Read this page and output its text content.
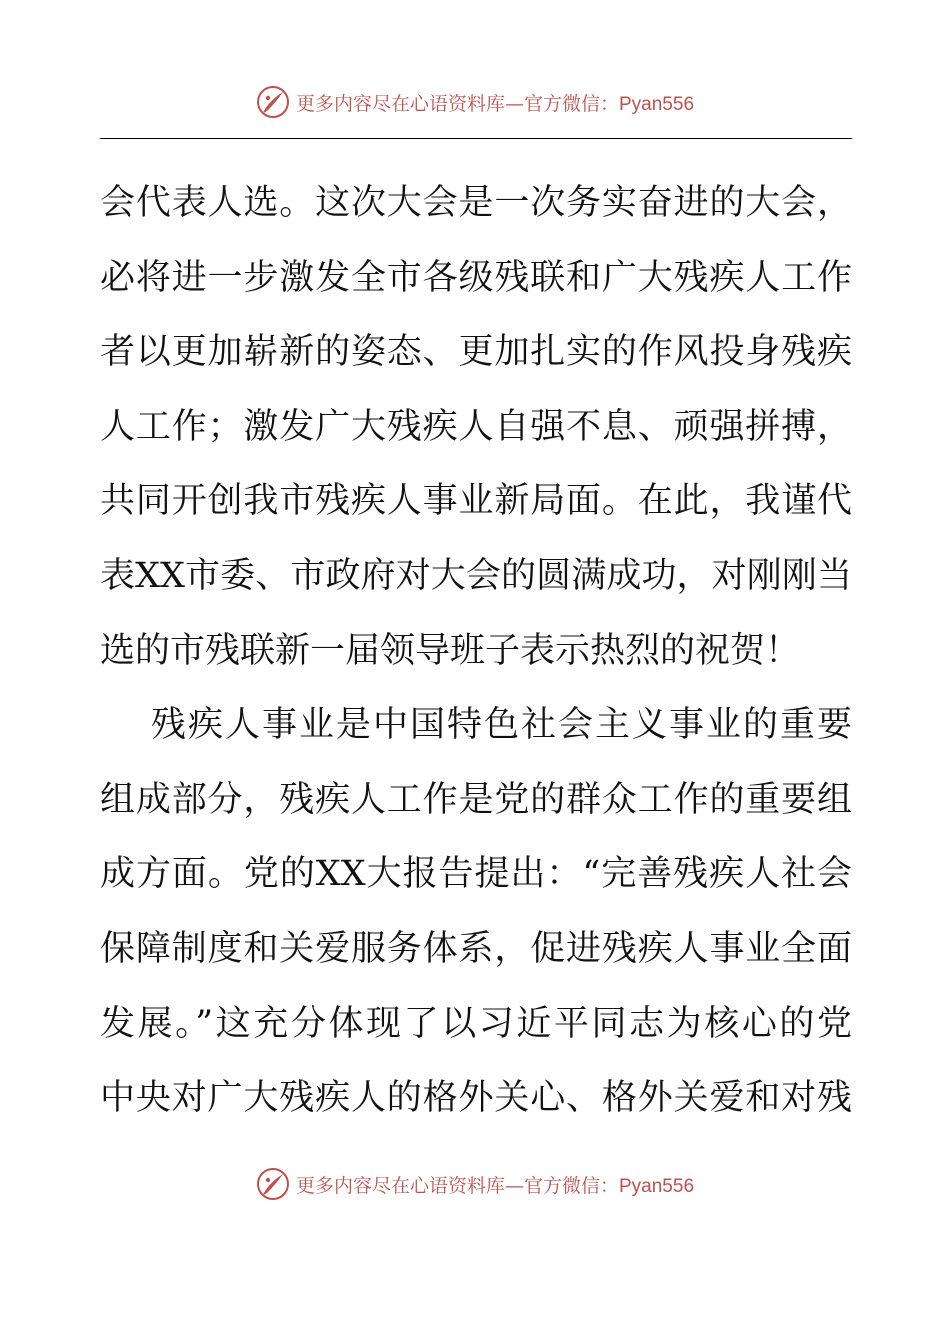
更多内容尽在心语资料库—官方微信：Pyan556
会代表人选。这次大会是一次务实奋进的大会，
必将进一步激发全市各级残联和广大残疾人工作
者以更加崭新的姿态、更加扎实的作风投身残疾
人工作；激发广大残疾人自强不息、顽强拼搏，
共同开创我市残疾人事业新局面。在此，我谨代
表XX市委、市政府对大会的圆满成功，对刚刚当
选的市残联新一届领导班子表示热烈的祝贺！
残疾人事业是中国特色社会主义事业的重要
组成部分，残疾人工作是党的群众工作的重要组
成方面。党的XX大报告提出：“完善残疾人社会
保障制度和关爱服务体系，促进残疾人事业全面
发展。”这充分体现了以习近平同志为核心的党
中央对广大残疾人的格外关心、格外关爱和对残
更多内容尽在心语资料库—官方微信：Pyan556
